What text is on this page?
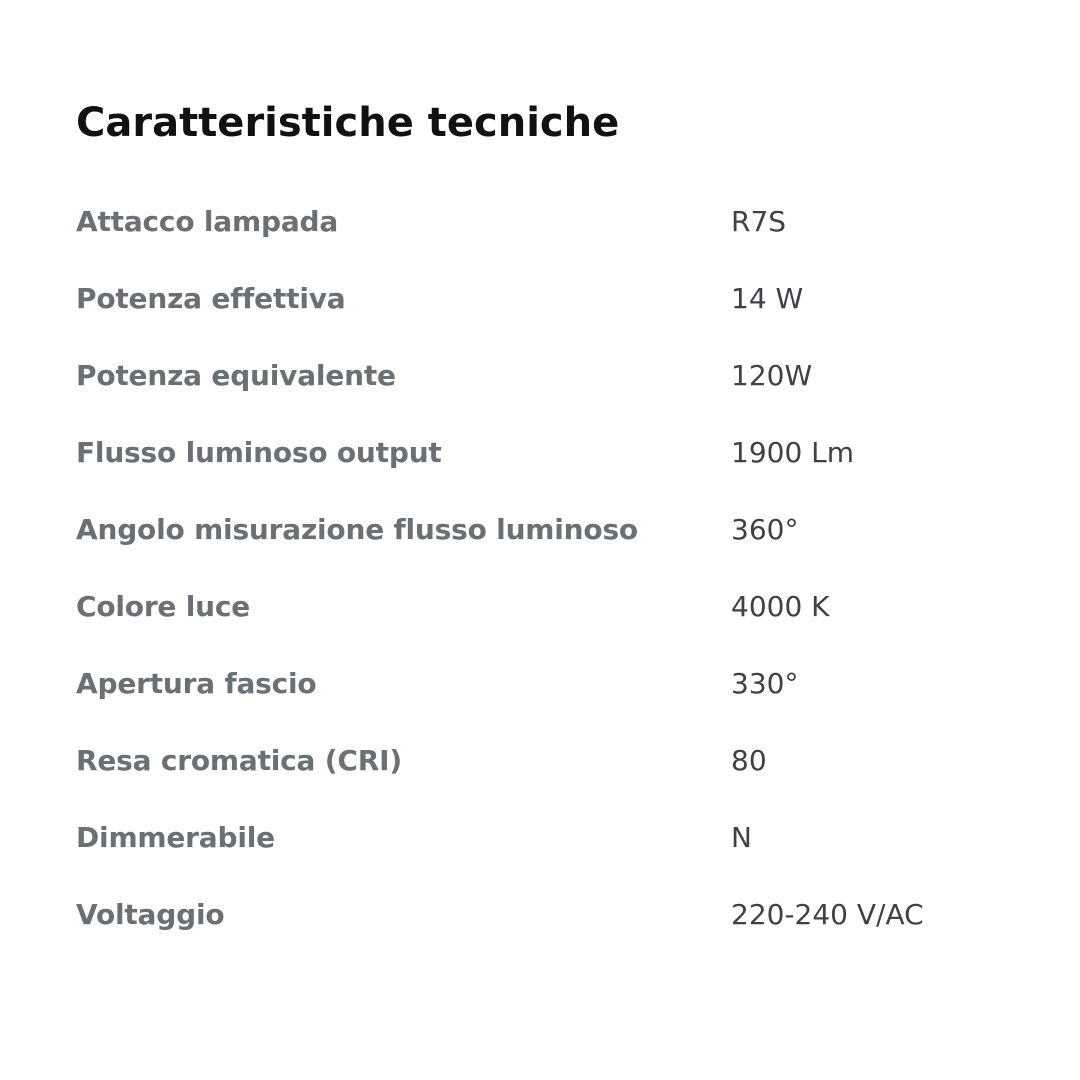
Caratteristiche tecniche
Attacco lampada	R7S
Potenza effettiva	14 W
Potenza equivalente	120W
Flusso luminoso output	1900 Lm
Angolo misurazione flusso luminoso	360°
Colore luce	4000 K
Apertura fascio	330°
Resa cromatica (CRI)	80
Dimmerabile	N
Voltaggio	220-240 V/AC
